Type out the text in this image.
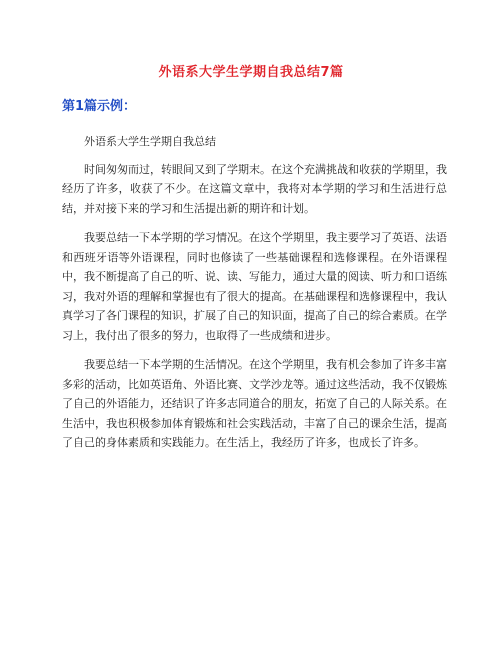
外语系大学生学期自我总结7篇
第1篇示例：

外语系大学生学期自我总结

时间匆匆而过，转眼间又到了学期末。在这个充满挑战和收获的学期里，我经历了许多，收获了不少。在这篇文章中，我将对本学期的学习和生活进行总结，并对接下来的学习和生活提出新的期许和计划。

我要总结一下本学期的学习情况。在这个学期里，我主要学习了英语、法语和西班牙语等外语课程，同时也修读了一些基础课程和选修课程。在外语课程中，我不断提高了自己的听、说、读、写能力，通过大量的阅读、听力和口语练习，我对外语的理解和掌握也有了很大的提高。在基础课程和选修课程中，我认真学习了各门课程的知识，扩展了自己的知识面，提高了自己的综合素质。在学习上，我付出了很多的努力，也取得了一些成绩和进步。

我要总结一下本学期的生活情况。在这个学期里，我有机会参加了许多丰富多彩的活动，比如英语角、外语比赛、文学沙龙等。通过这些活动，我不仅锻炼了自己的外语能力，还结识了许多志同道合的朋友，拓宽了自己的人际关系。在生活中，我也积极参加体育锻炼和社会实践活动，丰富了自己的课余生活，提高了自己的身体素质和实践能力。在生活上，我经历了许多，也成长了许多。
